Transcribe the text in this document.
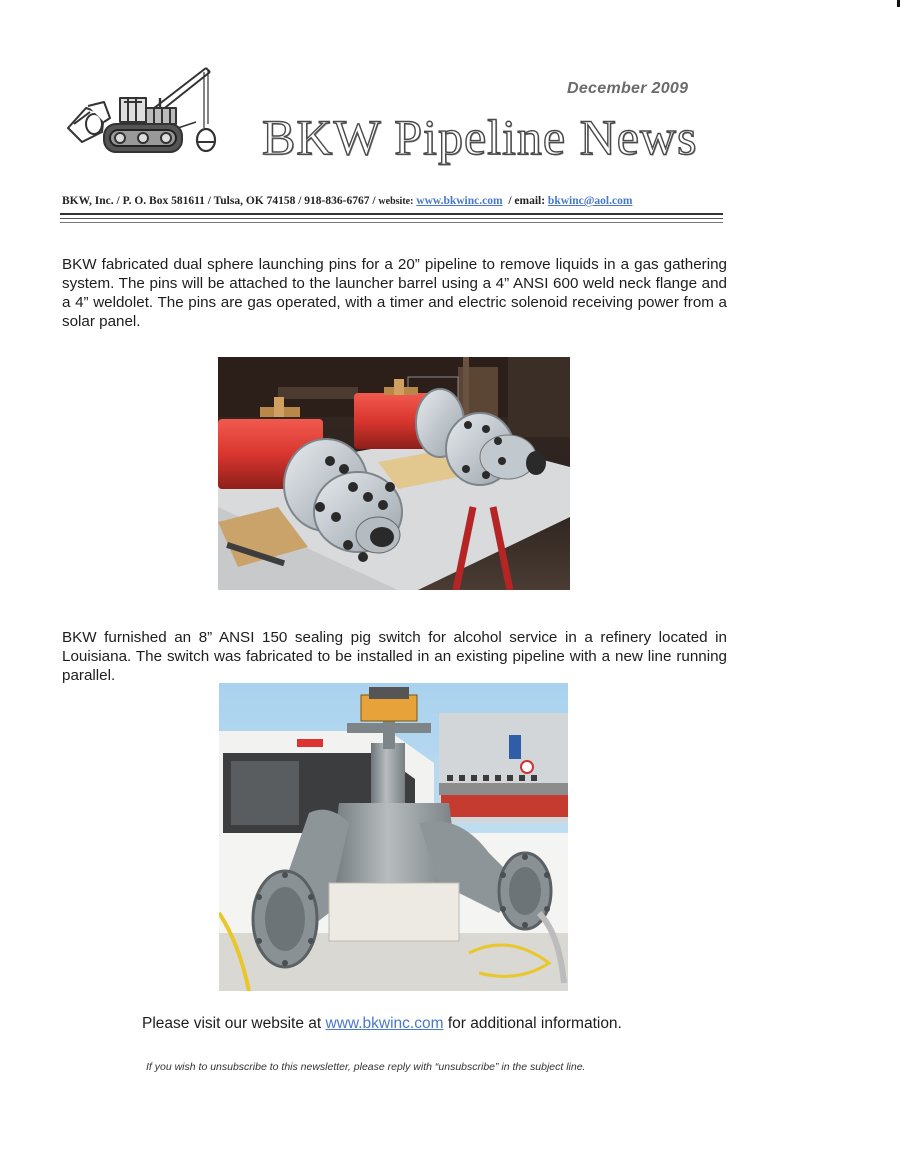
December 2009
BKW Pipeline News
BKW, Inc. / P. O. Box 581611 / Tulsa, OK 74158 / 918-836-6767 / website: www.bkwinc.com  / email: bkwinc@aol.com
BKW fabricated dual sphere launching pins for a 20” pipeline to remove liquids in a gas gathering system. The pins will be attached to the launcher barrel using a 4” ANSI 600 weld neck flange and a 4” weldolet. The pins are gas operated, with a timer and electric solenoid receiving power from a solar panel.
BKW furnished an 8” ANSI 150 sealing pig switch for alcohol service in a refinery located in Louisiana. The switch was fabricated to be installed in an existing pipeline with a new line running parallel.
Please visit our website at www.bkwinc.com for additional information.
If you wish to unsubscribe to this newsletter, please reply with “unsubscribe” in the subject line.
